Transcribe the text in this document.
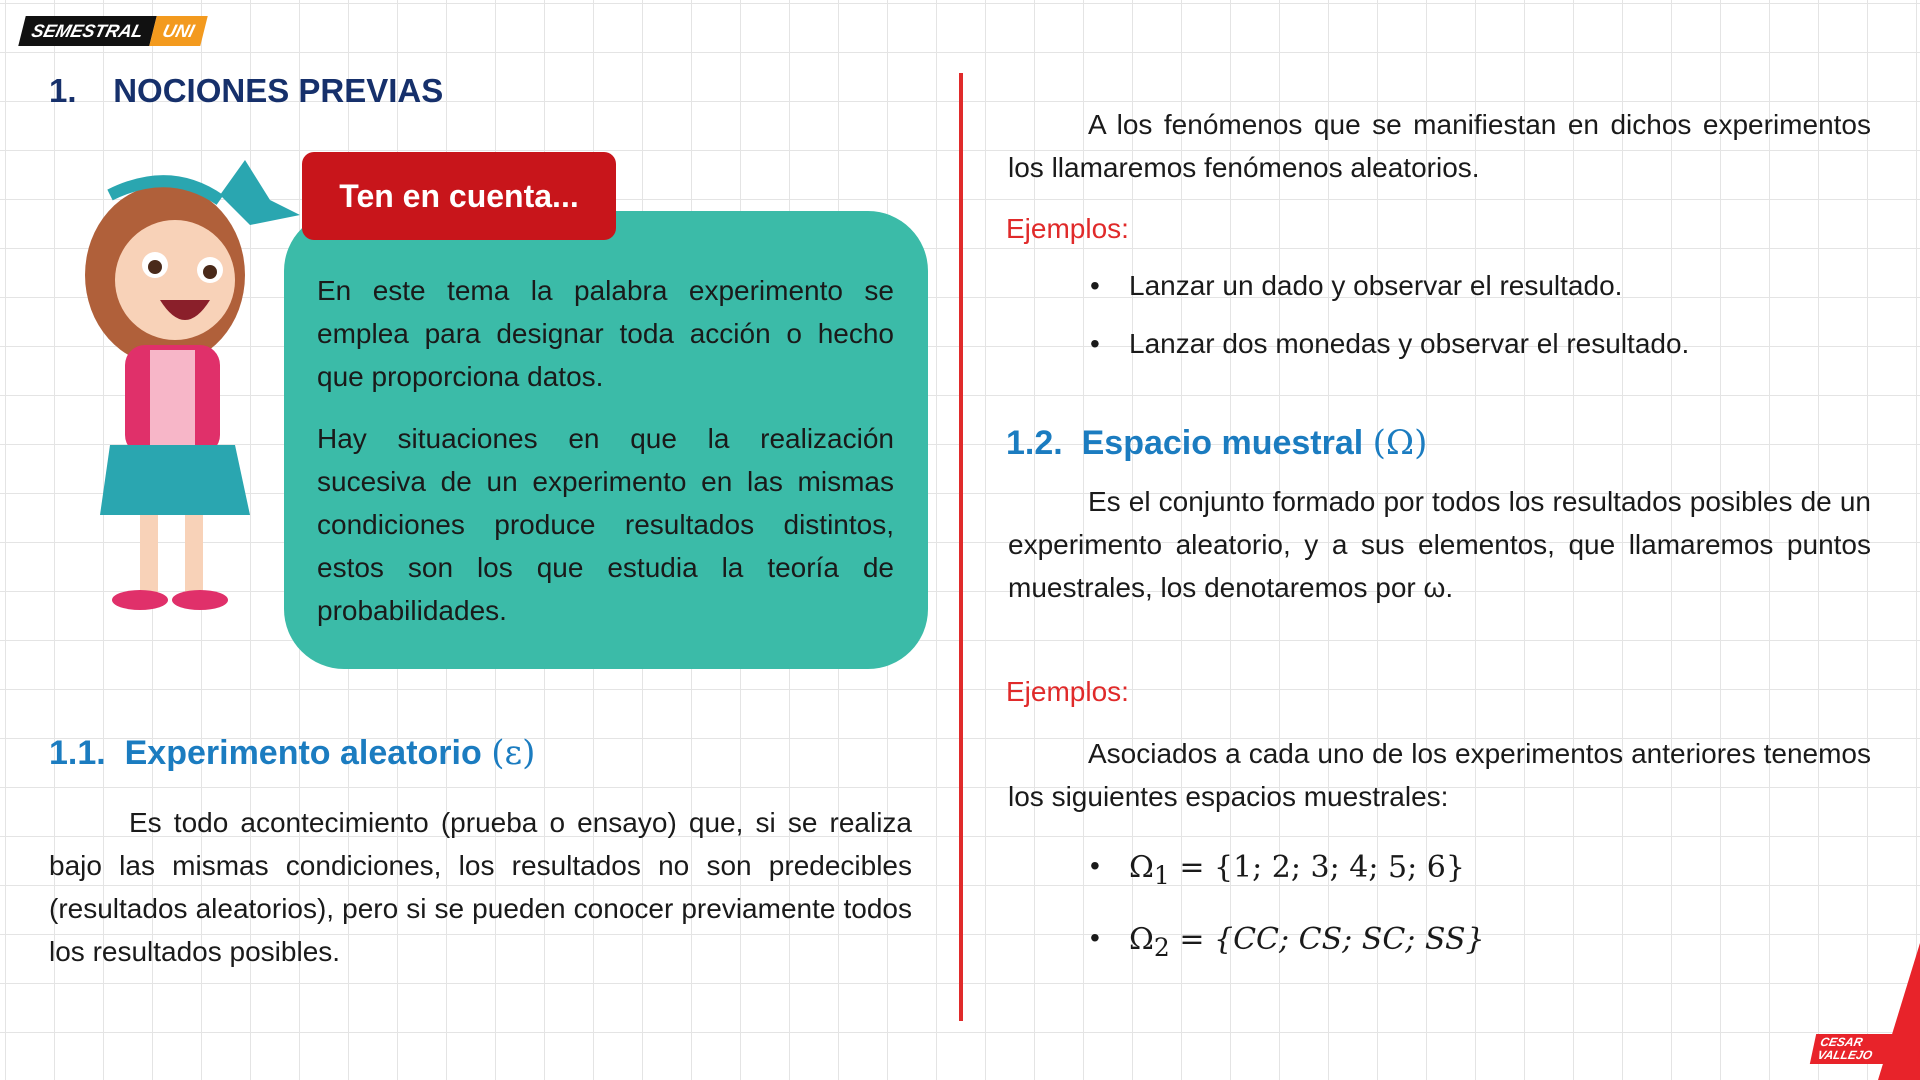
SEMESTRAL UNI
1.    NOCIONES PREVIAS
Ten en cuenta...

En este tema la palabra experimento se emplea para designar toda acción o hecho que proporciona datos.

Hay situaciones en que la realización sucesiva de un experimento en las mismas condiciones produce resultados distintos, estos son los que estudia la teoría de probabilidades.

1.1. Experimento aleatorio (ε)
Es todo acontecimiento (prueba o ensayo) que, si se realiza bajo las mismas condiciones, los resultados no son predecibles (resultados aleatorios), pero si se pueden conocer previamente todos los resultados posibles.
A los fenómenos que se manifiestan en dichos experimentos los llamaremos fenómenos aleatorios.
Ejemplos:
•	Lanzar un dado y observar el resultado.
•	Lanzar dos monedas y observar el resultado.
1.2. Espacio muestral (Ω)
Es el conjunto formado por todos los resultados posibles de un experimento aleatorio, y a sus elementos, que llamaremos puntos muestrales, los denotaremos por ω.
Ejemplos:
Asociados a cada uno de los experimentos anteriores tenemos los siguientes espacios muestrales:
• $\Omega_1 = \{1$; 2; 3; 4; 5; 6}
• $\Omega_2 = \{CC$; CS; SC; SS}
CESAR VALLEJO
